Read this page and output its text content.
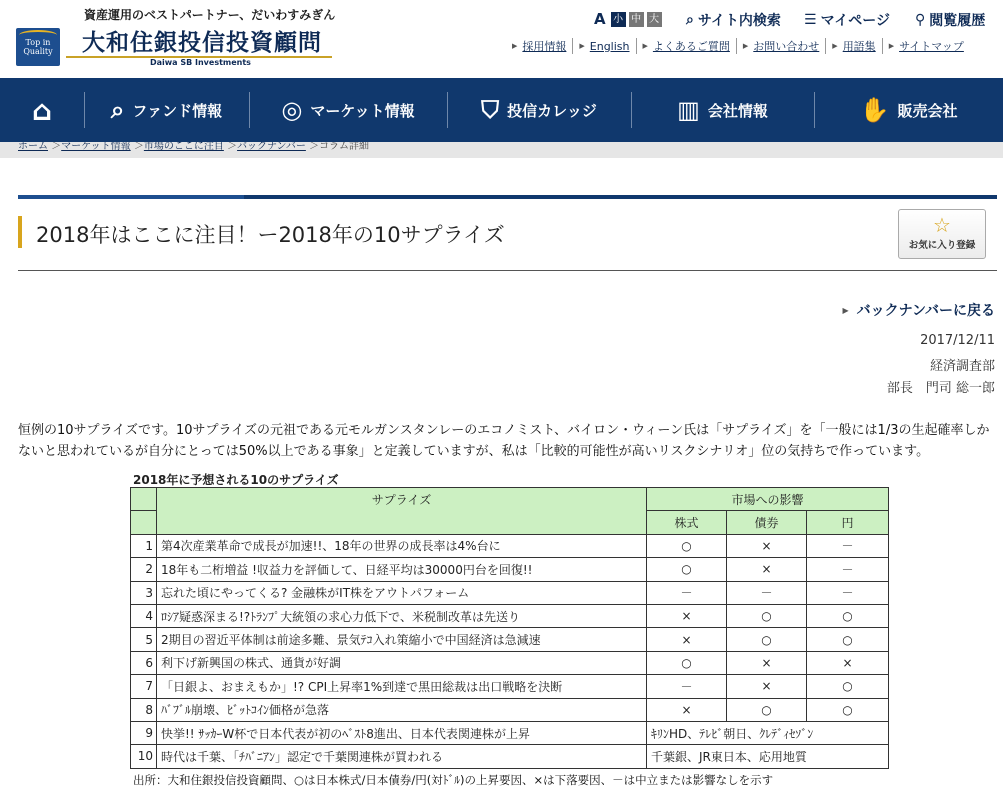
Top in Quality
資産運用のベストパートナー、だいわすみぎん
大和住銀投信投資顧問
Daiwa SB Investments
A 小 中 大 ⌕ サイト内検索 ☰ マイページ ⚲ 閲覧履歴
▶ 採用情報 ▶ English ▶ よくあるご質問 ▶ お問い合わせ ▶ 用語集 ▶ サイトマップ
⌂ ⌕ ファンド情報 ◎ マーケット情報	⛉ 投信カレッジ	▥ 会社情報	✋ 販売会社
ホーム ＞マーケット情報 ＞市場のここに注目 ＞バックナンバー ＞コラム詳細
2018年はここに注目！ー2018年の10サプライズ	☆
お気に入り登録
▶ バックナンバーに戻る
2017/12/11
経済調査部
部長　門司 総一郎

恒例の10サプライズです。10サプライズの元祖である元モルガンスタンレーのエコノミスト、バイロン・ウィーン氏は「サプライズ」を「一般には1/3の生起確率しかないと思われているが自分にとっては50%以上である事象」と定義していますが、私は「比較的可能性が高いリスクシナリオ」位の気持ちで作っています。

2018年に予想される10のサプライズ
	サプライズ	市場への影響		
		株式	債券	円
1	第4次産業革命で成長が加速!!、18年の世界の成長率は4%台に	○	×	－
2	18年も二桁増益 !収益力を評価して、日経平均は30000円台を回復!!	○	×	－
3	忘れた頃にやってくる? 金融株がIT株をアウトパフォーム	－	－	－
4	ﾛｼｱ疑惑深まる!?ﾄﾗﾝﾌﾟ大統領の求心力低下で、米税制改革は先送り	×	○	○
5	2期目の習近平体制は前途多難、景気ﾃｺ入れ策縮小で中国経済は急減速	×	○	○
6	利下げ新興国の株式、通貨が好調	○	×	×
7	「日銀よ、おまえもか」!? CPI上昇率1%到達で黒田総裁は出口戦略を決断	－	×	○
8	ﾊﾞﾌﾞﾙ崩壊、ﾋﾞｯﾄｺｲﾝ価格が急落	×	○	○
9	快挙!! ｻｯｶｰW杯で日本代表が初のﾍﾞｽﾄ8進出、日本代表関連株が上昇	ｷﾘﾝHD、ﾃﾚﾋﾞ朝日、ｸﾚﾃﾞｨｾｿﾞﾝ		
10	時代は千葉、「ﾁﾊﾞﾆｱﾝ」認定で千葉関連株が買われる	千葉銀、JR東日本、応用地質		
出所：大和住銀投信投資顧問、○は日本株式/日本債券/円(対ﾄﾞﾙ)の上昇要因、×は下落要因、－は中立または影響なしを示す
